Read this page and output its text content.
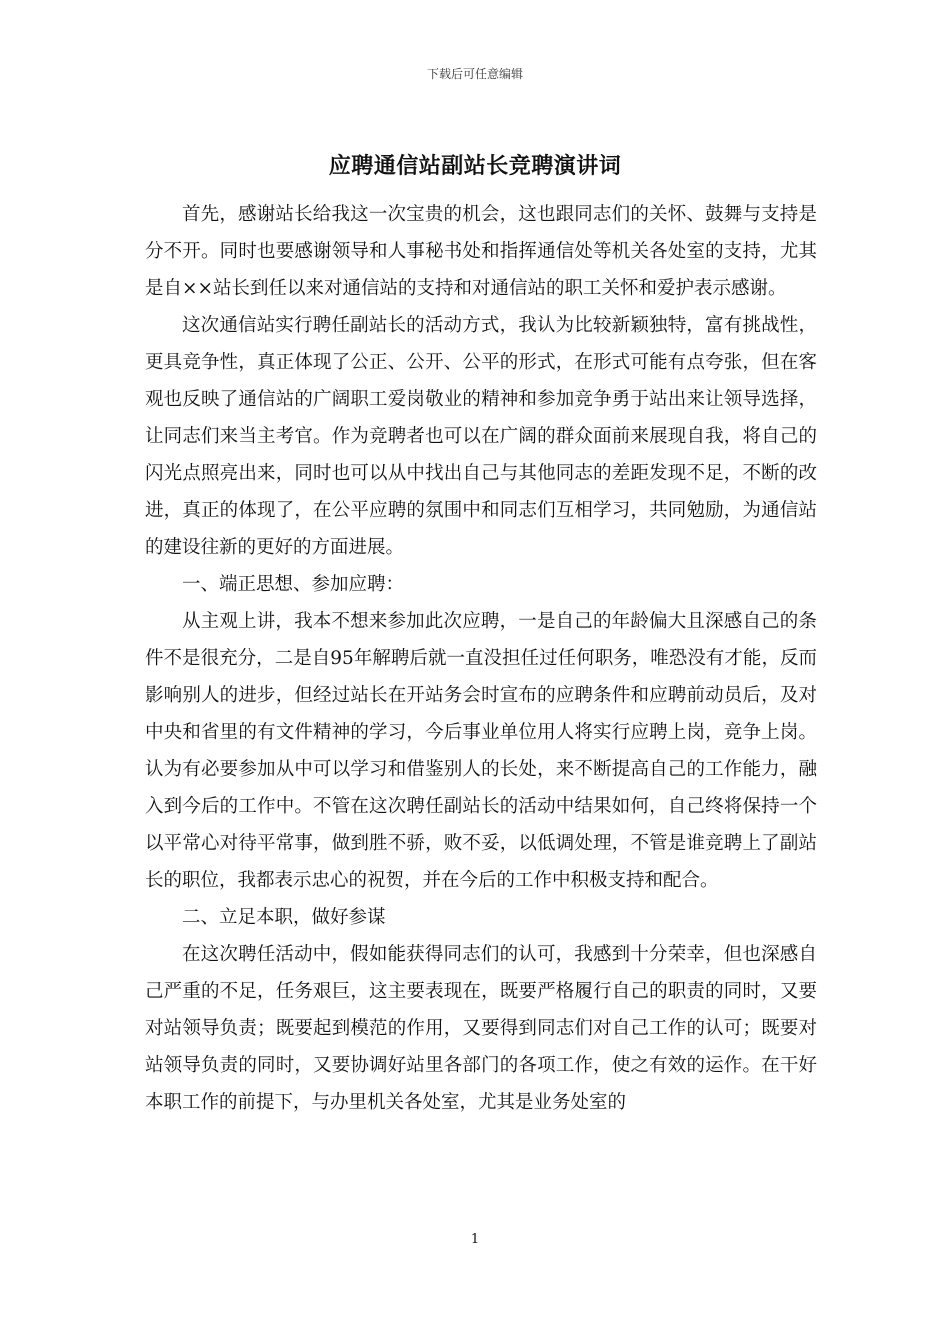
下载后可任意编辑
应聘通信站副站长竞聘演讲词

首先，感谢站长给我这一次宝贵的机会，这也跟同志们的关怀、鼓舞与支持是分不开。同时也要感谢领导和人事秘书处和指挥通信处等机关各处室的支持，尤其是自××站长到任以来对通信站的支持和对通信站的职工关怀和爱护表示感谢。

这次通信站实行聘任副站长的活动方式，我认为比较新颖独特，富有挑战性，更具竞争性，真正体现了公正、公开、公平的形式，在形式可能有点夸张，但在客观也反映了通信站的广阔职工爱岗敬业的精神和参加竞争勇于站出来让领导选择，让同志们来当主考官。作为竞聘者也可以在广阔的群众面前来展现自我，将自己的闪光点照亮出来，同时也可以从中找出自己与其他同志的差距发现不足，不断的改进，真正的体现了，在公平应聘的氛围中和同志们互相学习，共同勉励，为通信站的建设往新的更好的方面进展。

一、端正思想、参加应聘：

从主观上讲，我本不想来参加此次应聘，一是自己的年龄偏大且深感自己的条件不是很充分，二是自95年解聘后就一直没担任过任何职务，唯恐没有才能，反而影响别人的进步，但经过站长在开站务会时宣布的应聘条件和应聘前动员后，及对中央和省里的有文件精神的学习，今后事业单位用人将实行应聘上岗，竞争上岗。认为有必要参加从中可以学习和借鉴别人的长处，来不断提高自己的工作能力，融入到今后的工作中。不管在这次聘任副站长的活动中结果如何，自己终将保持一个以平常心对待平常事，做到胜不骄，败不妥，以低调处理，不管是谁竞聘上了副站长的职位，我都表示忠心的祝贺，并在今后的工作中积极支持和配合。

二、立足本职，做好参谋

在这次聘任活动中，假如能获得同志们的认可，我感到十分荣幸，但也深感自己严重的不足，任务艰巨，这主要表现在，既要严格履行自己的职责的同时，又要对站领导负责；既要起到模范的作用，又要得到同志们对自己工作的认可；既要对站领导负责的同时，又要协调好站里各部门的各项工作，使之有效的运作。在干好本职工作的前提下，与办里机关各处室，尤其是业务处室的

1
